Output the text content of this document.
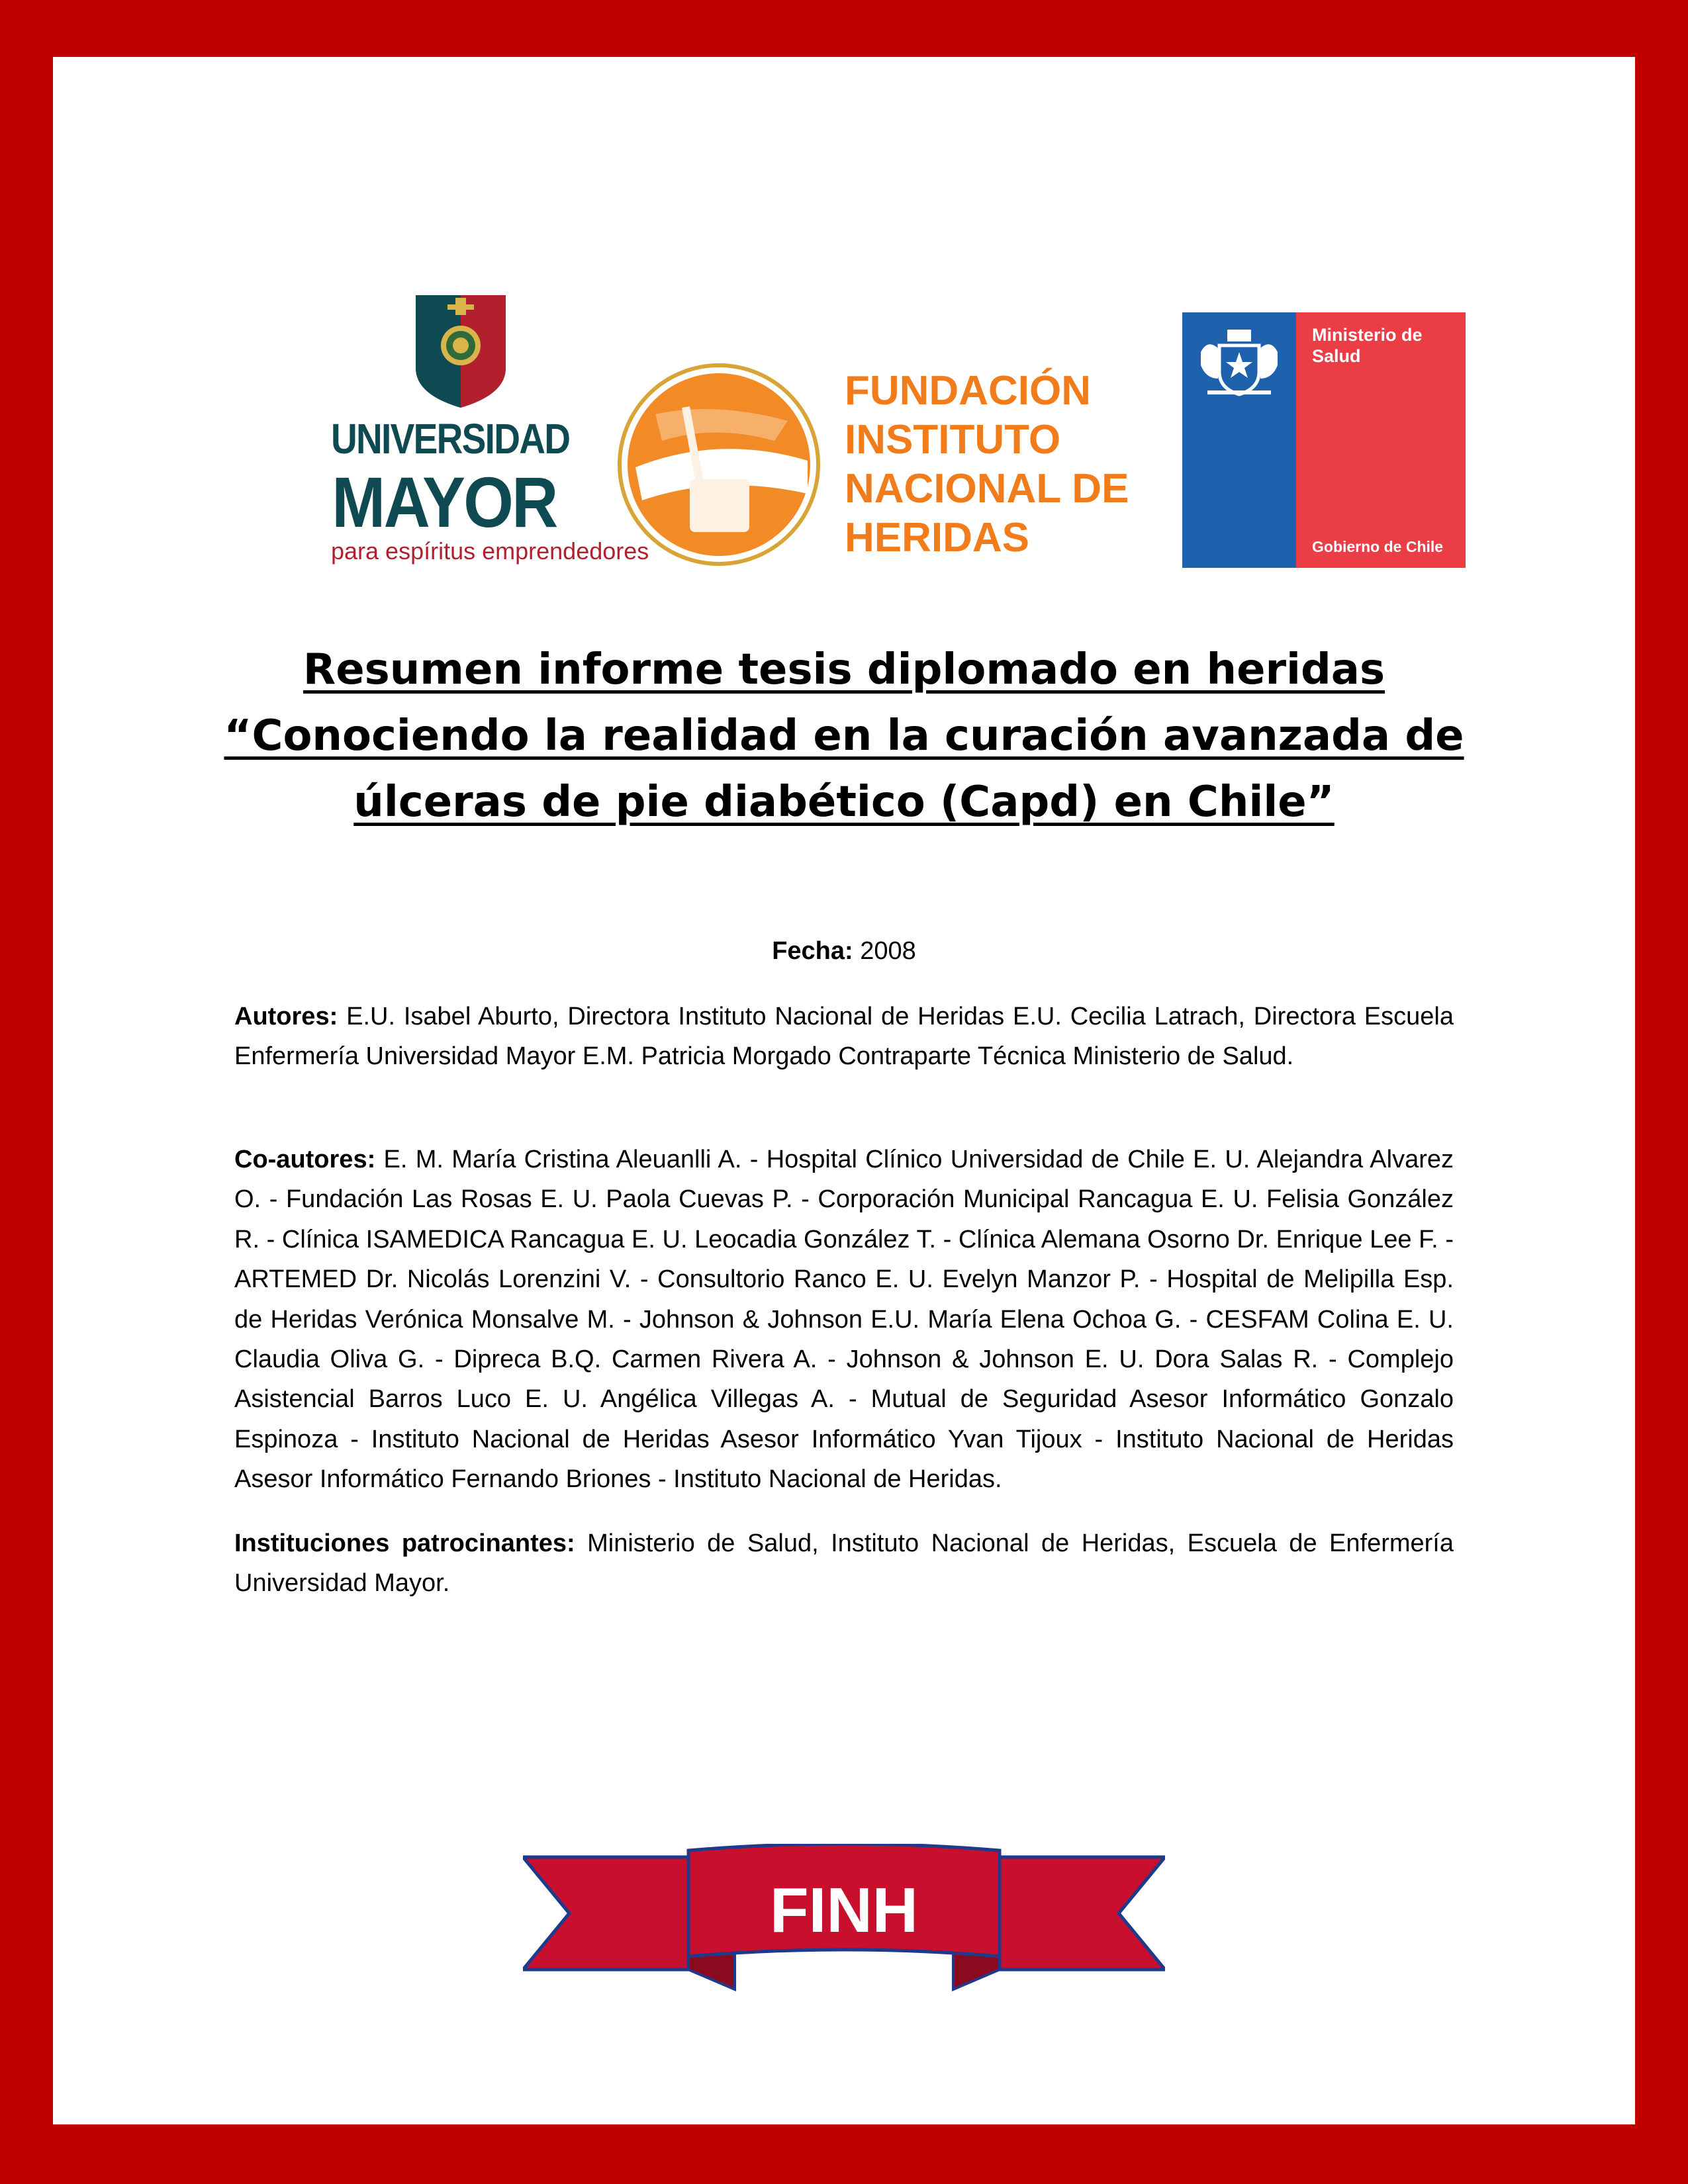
UNIVERSIDAD
MAYOR
para espíritus emprendedores
FUNDACIÓN
INSTITUTO
NACIONAL DE
HERIDAS
Ministerio de
Salud
Gobierno de Chile
Resumen informe tesis diplomado en heridas
“Conociendo la realidad en la curación avanzada de
úlceras de pie diabético (Capd) en Chile”
Fecha: 2008
Autores: E.U. Isabel Aburto, Directora Instituto Nacional de Heridas E.U. Cecilia Latrach, Directora Escuela Enfermería Universidad Mayor E.M. Patricia Morgado Contraparte Técnica Ministerio de Salud.
Co-autores: E. M. María Cristina Aleuanlli A. - Hospital Clínico Universidad de Chile E. U. Alejandra Alvarez O. - Fundación Las Rosas E. U. Paola Cuevas P. - Corporación Municipal Rancagua E. U. Felisia González R. - Clínica ISAMEDICA Rancagua E. U. Leocadia González T. - Clínica Alemana Osorno Dr. Enrique Lee F. - ARTEMED Dr. Nicolás Lorenzini V. - Consultorio Ranco E. U. Evelyn Manzor P. - Hospital de Melipilla Esp. de Heridas Verónica Monsalve M. - Johnson & Johnson E.U. María Elena Ochoa G. - CESFAM Colina E. U. Claudia Oliva G. - Dipreca B.Q. Carmen Rivera A. - Johnson & Johnson E. U. Dora Salas R. - Complejo Asistencial Barros Luco E. U. Angélica Villegas A. - Mutual de Seguridad Asesor Informático Gonzalo Espinoza - Instituto Nacional de Heridas Asesor Informático Yvan Tijoux - Instituto Nacional de Heridas Asesor Informático Fernando Briones - Instituto Nacional de Heridas.
Instituciones patrocinantes: Ministerio de Salud, Instituto Nacional de Heridas, Escuela de Enfermería Universidad Mayor.
FINH
